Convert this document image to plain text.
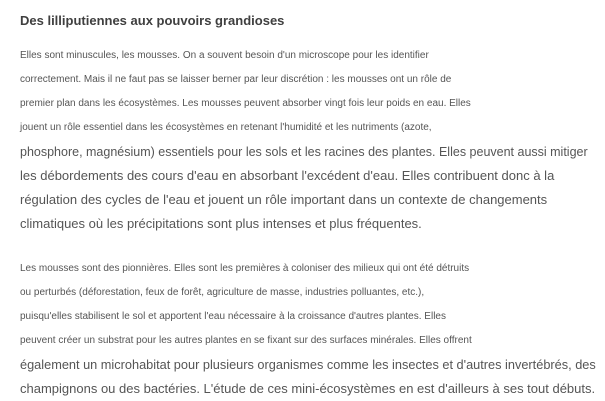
Des lilliputiennes aux pouvoirs grandioses

Elles sont minuscules, les mousses. On a souvent besoin d'un microscope pour les identifier
correctement. Mais il ne faut pas se laisser berner par leur discrétion : les mousses ont un rôle de
premier plan dans les écosystèmes. Les mousses peuvent absorber vingt fois leur poids en eau. Elles
jouent un rôle essentiel dans les écosystèmes en retenant l'humidité et les nutriments (azote,
phosphore, magnésium) essentiels pour les sols et les racines des plantes. Elles peuvent aussi mitiger
les débordements des cours d'eau en absorbant l'excédent d'eau. Elles contribuent donc à la
régulation des cycles de l'eau et jouent un rôle important dans un contexte de changements
climatiques où les précipitations sont plus intenses et plus fréquentes.

Les mousses sont des pionnières. Elles sont les premières à coloniser des milieux qui ont été détruits
ou perturbés (déforestation, feux de forêt, agriculture de masse, industries polluantes, etc.),
puisqu'elles stabilisent le sol et apportent l'eau nécessaire à la croissance d'autres plantes. Elles
peuvent créer un substrat pour les autres plantes en se fixant sur des surfaces minérales. Elles offrent
également un microhabitat pour plusieurs organismes comme les insectes et d'autres invertébrés, des
champignons ou des bactéries. L'étude de ces mini-écosystèmes en est d'ailleurs à ses tout débuts.
